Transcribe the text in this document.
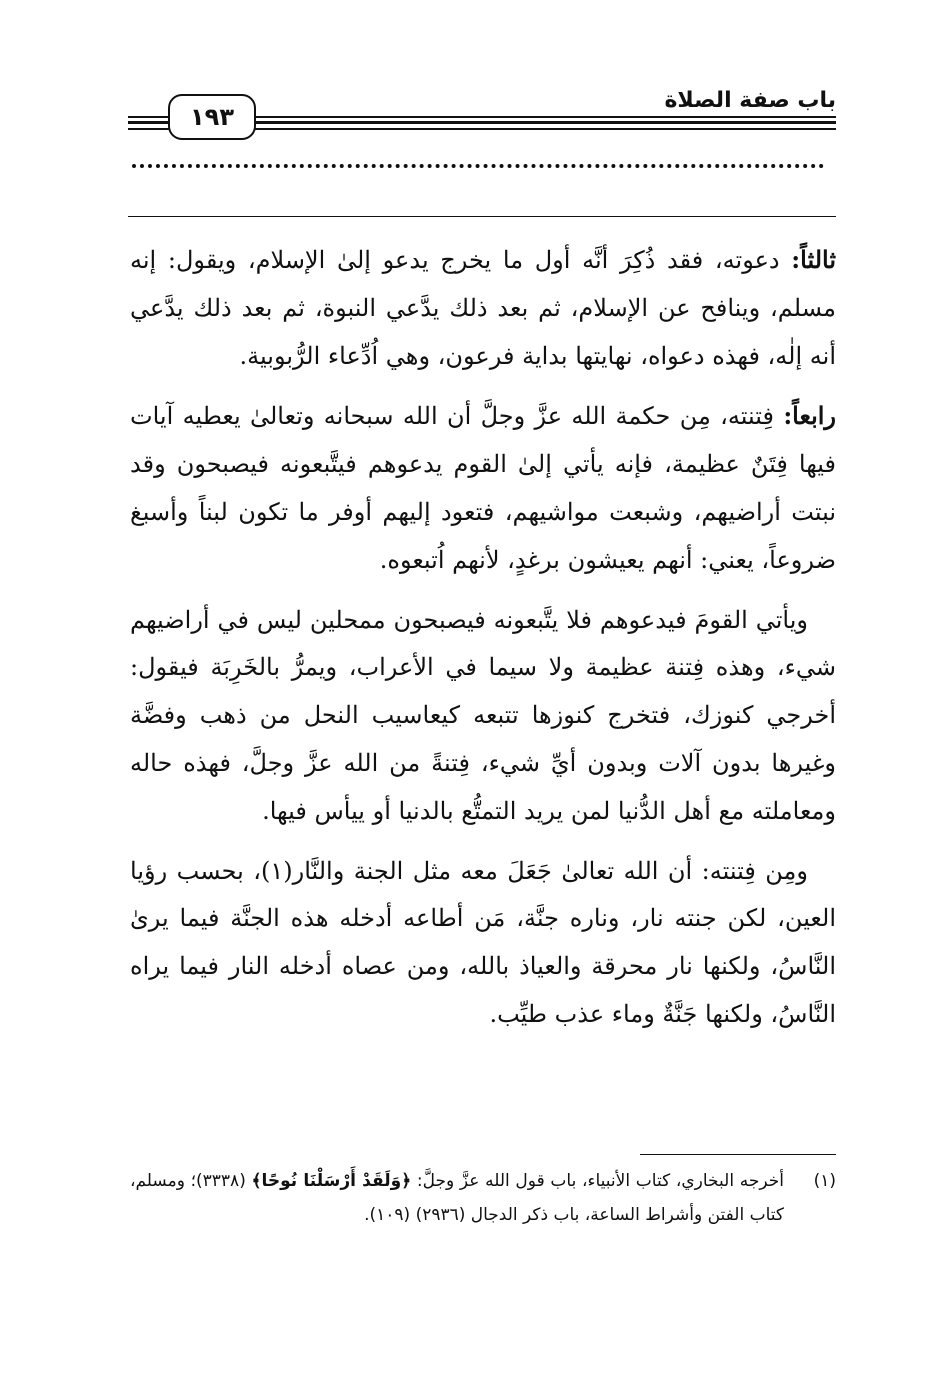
١٩٣
باب صفة الصلاة

ثالثاً: دعوته، فقد ذُكِرَ أنَّه أول ما يخرج يدعو إلىٰ الإسلام، ويقول: إنه مسلم، وينافح عن الإسلام، ثم بعد ذلك يدَّعي النبوة، ثم بعد ذلك يدَّعي أنه إلٰه، فهذه دعواه، نهايتها بداية فرعون، وهي اُدِّعاء الرُّبوبية.

رابعاً: فِتنته، مِن حكمة الله عزَّ وجلَّ أن الله سبحانه وتعالىٰ يعطيه آيات فيها فِتَنٌ عظيمة، فإنه يأتي إلىٰ القوم يدعوهم فيتَّبعونه فيصبحون وقد نبتت أراضيهم، وشبعت مواشيهم، فتعود إليهم أوفر ما تكون لبناً وأسبغ ضروعاً، يعني: أنهم يعيشون برغدٍ، لأنهم اُتبعوه.

ويأتي القومَ فيدعوهم فلا يتَّبعونه فيصبحون ممحلين ليس في أراضيهم شيء، وهذه فِتنة عظيمة ولا سيما في الأعراب، ويمرُّ بالخَرِبَة فيقول: أخرجي كنوزك، فتخرج كنوزها تتبعه كيعاسيب النحل من ذهب وفضَّة وغيرها بدون آلات وبدون أيِّ شيء، فِتنةً من الله عزَّ وجلَّ، فهذه حاله ومعاملته مع أهل الدُّنيا لمن يريد التمتُّع بالدنيا أو ييأس فيها.

ومِن فِتنته: أن الله تعالىٰ جَعَلَ معه مثل الجنة والنَّار(١)، بحسب رؤيا العين، لكن جنته نار، وناره جنَّة، مَن أطاعه أدخله هذه الجنَّة فيما يرىٰ النَّاسُ، ولكنها نار محرقة والعياذ بالله، ومن عصاه أدخله النار فيما يراه النَّاسُ، ولكنها جَنَّةٌ وماء عذب طيِّب.

(١)
أخرجه البخاري، كتاب الأنبياء، باب قول الله عزَّ وجلَّ: ﴿وَلَقَدْ أَرْسَلْنَا نُوحًا﴾ (٣٣٣٨)؛ ومسلم، كتاب الفتن وأشراط الساعة، باب ذكر الدجال (٢٩٣٦) (١٠٩).
